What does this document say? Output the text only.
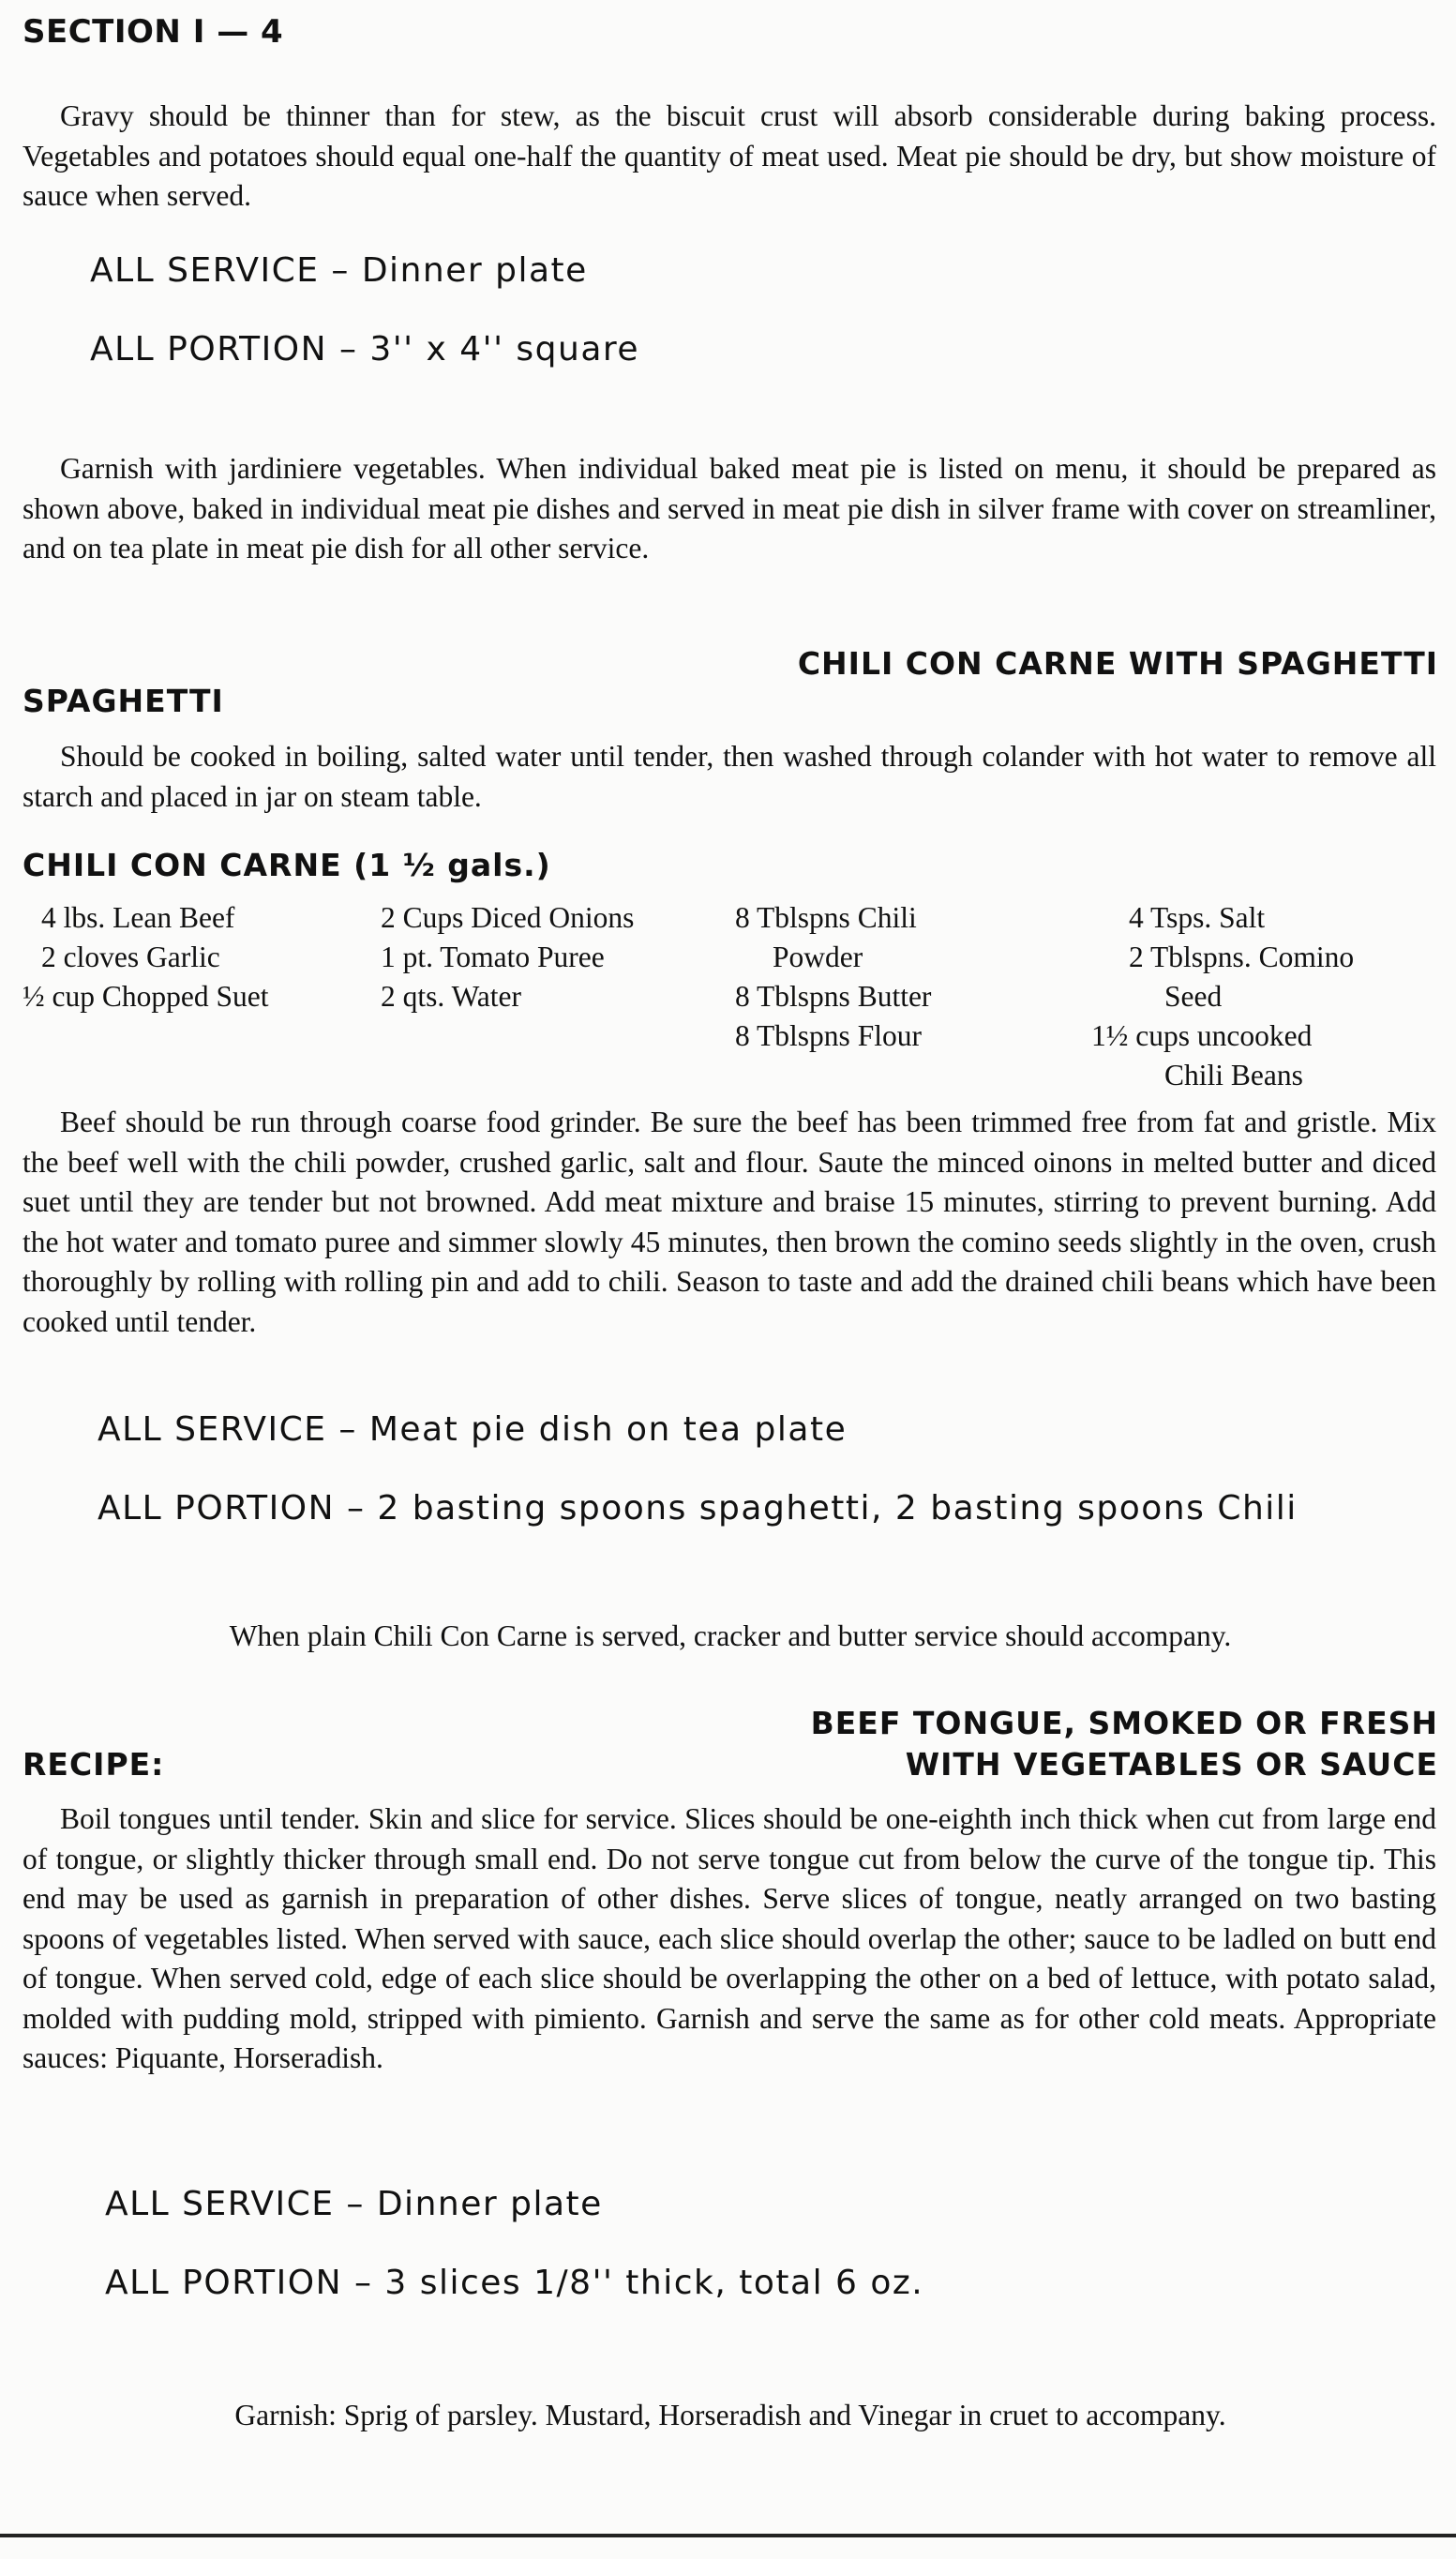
SECTION I — 4

Gravy should be thinner than for stew, as the biscuit crust will absorb considerable during baking process. Vegetables and potatoes should equal one-half the quantity of meat used. Meat pie should be dry, but show moisture of sauce when served.

ALL SERVICE – Dinner plate
ALL PORTION – 3'' x 4'' square

Garnish with jardiniere vegetables. When individual baked meat pie is listed on menu, it should be prepared as shown above, baked in individual meat pie dishes and served in meat pie dish in silver frame with cover on streamliner, and on tea plate in meat pie dish for all other service.

CHILI CON CARNE WITH SPAGHETTI
SPAGHETTI

Should be cooked in boiling, salted water until tender, then washed through colander with hot water to remove all starch and placed in jar on steam table.

CHILI CON CARNE (1 ½ gals.)
4 lbs. Lean Beef
2 cloves Garlic
½ cup Chopped Suet
2 Cups Diced Onions
1 pt. Tomato Puree
2 qts. Water
8 Tblspns Chili
Powder
8 Tblspns Butter
8 Tblspns Flour
4 Tsps. Salt
2 Tblspns. Comino
Seed
1½ cups uncooked
Chili Beans

Beef should be run through coarse food grinder. Be sure the beef has been trimmed free from fat and gristle. Mix the beef well with the chili powder, crushed garlic, salt and flour. Saute the minced oinons in melted butter and diced suet until they are tender but not browned. Add meat mixture and braise 15 minutes, stirring to prevent burning. Add the hot water and tomato puree and simmer slowly 45 minutes, then brown the comino seeds slightly in the oven, crush thoroughly by rolling with rolling pin and add to chili. Season to taste and add the drained chili beans which have been cooked until tender.

ALL SERVICE – Meat pie dish on tea plate
ALL PORTION – 2 basting spoons spaghetti, 2 basting spoons Chili
When plain Chili Con Carne is served, cracker and butter service should accompany.
BEEF TONGUE, SMOKED OR FRESH
WITH VEGETABLES OR SAUCE
RECIPE:

Boil tongues until tender. Skin and slice for service. Slices should be one-eighth inch thick when cut from large end of tongue, or slightly thicker through small end. Do not serve tongue cut from below the curve of the tongue tip. This end may be used as garnish in preparation of other dishes. Serve slices of tongue, neatly arranged on two basting spoons of vegetables listed. When served with sauce, each slice should overlap the other; sauce to be ladled on butt end of tongue. When served cold, edge of each slice should be overlapping the other on a bed of lettuce, with potato salad, molded with pudding mold, stripped with pimiento. Garnish and serve the same as for other cold meats. Appropriate sauces: Piquante, Horseradish.

ALL SERVICE – Dinner plate
ALL PORTION – 3 slices 1/8'' thick, total 6 oz.
Garnish: Sprig of parsley. Mustard, Horseradish and Vinegar in cruet to accompany.
